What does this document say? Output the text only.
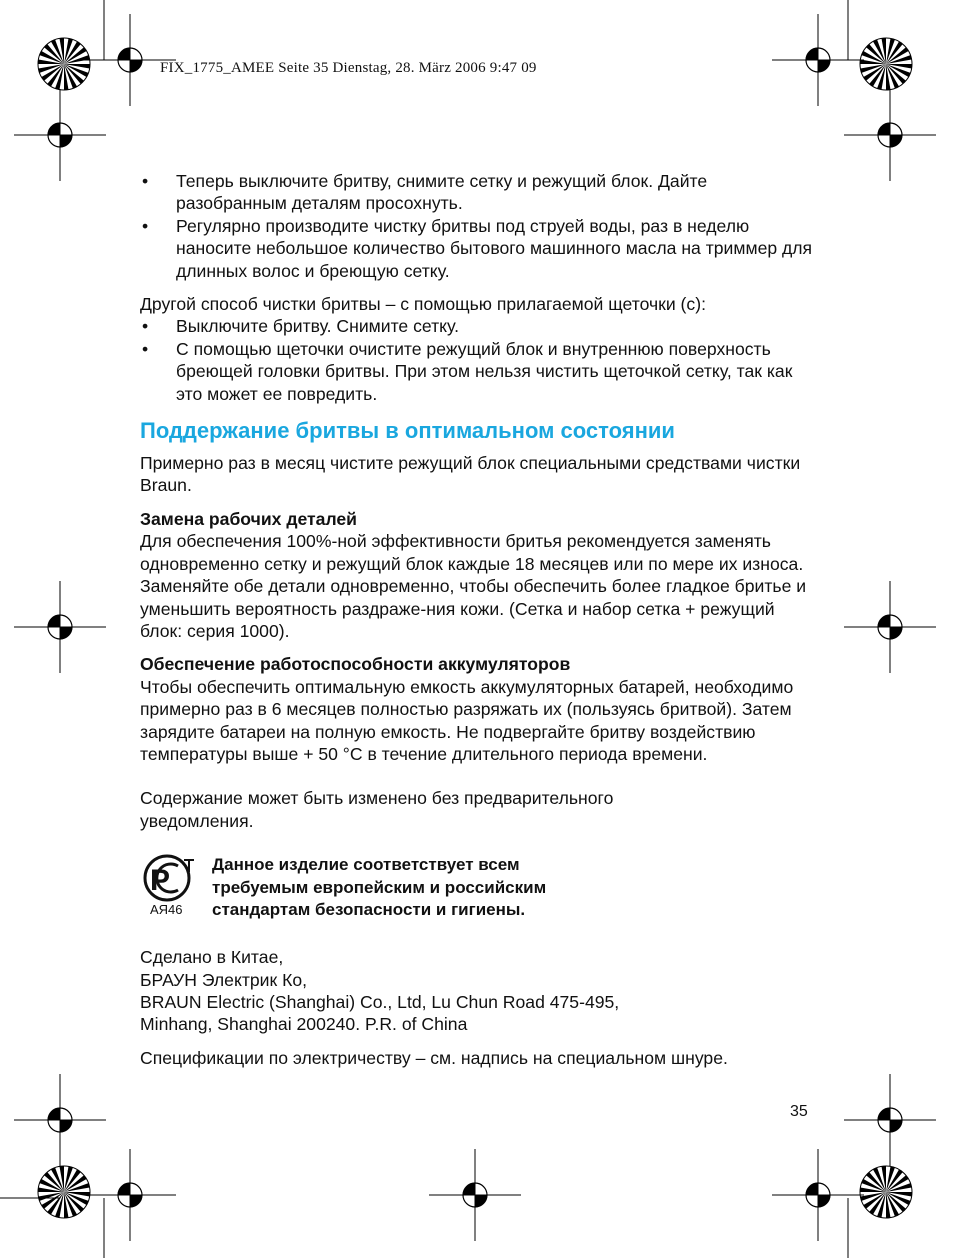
FIX_1775_AMEE Seite 35 Dienstag, 28. März 2006 9:47 09
• Теперь выключите бритву, снимите сетку и режущий блок. Дайте разобранным деталям просохнуть.
• Регулярно производите чистку бритвы под струей воды, раз в неделю наносите небольшое количество бытового машинного масла на триммер для длинных волос и бреющую сетку.

Другой способ чистки бритвы – с помощью прилагаемой щеточки (c):

• Выключите бритву. Снимите сетку.
• С помощью щеточки очистите режущий блок и внутреннюю поверхность бреющей головки бритвы. При этом нельзя чистить щеточкой сетку, так как это может ее повредить.
Поддержание бритвы в оптимальном состоянии

Примерно раз в месяц чистите режущий блок специальными средствами чистки Braun.

Замена рабочих деталей

Для обеспечения 100%-ной эффективности бритья рекомендуется заменять одновременно сетку и режущий блок каждые 18 месяцев или по мере их износа. Заменяйте обе детали одновременно, чтобы обеспечить более гладкое бритье и уменьшить вероятность раздраже-ния кожи. (Сетка и набор сетка + режущий блок: серия 1000).

Обеспечение работоспособности аккумуляторов

Чтобы обеспечить оптимальную емкость аккумуляторных батарей, необходимо примерно раз в 6 месяцев полностью разряжать их (пользуясь бритвой). Затем зарядите батареи на полную емкость. Не подвергайте бритву воздействию температуры выше + 50 °C в течение длительного периода времени.

Содержание может быть изменено без предварительного уведомления.

P
АЯ46
Данное изделие соответствует всем требуемым европейским и российским стандартам безопасности и гигиены.

Сделано в Китае,

БРАУН Электрик Ко,

BRAUN Electric (Shanghai) Co., Ltd, Lu Chun Road 475-495,

Minhang, Shanghai 200240. P.R. of China

Спецификации по электричеству – см. надпись на специальном шнуре.

35
